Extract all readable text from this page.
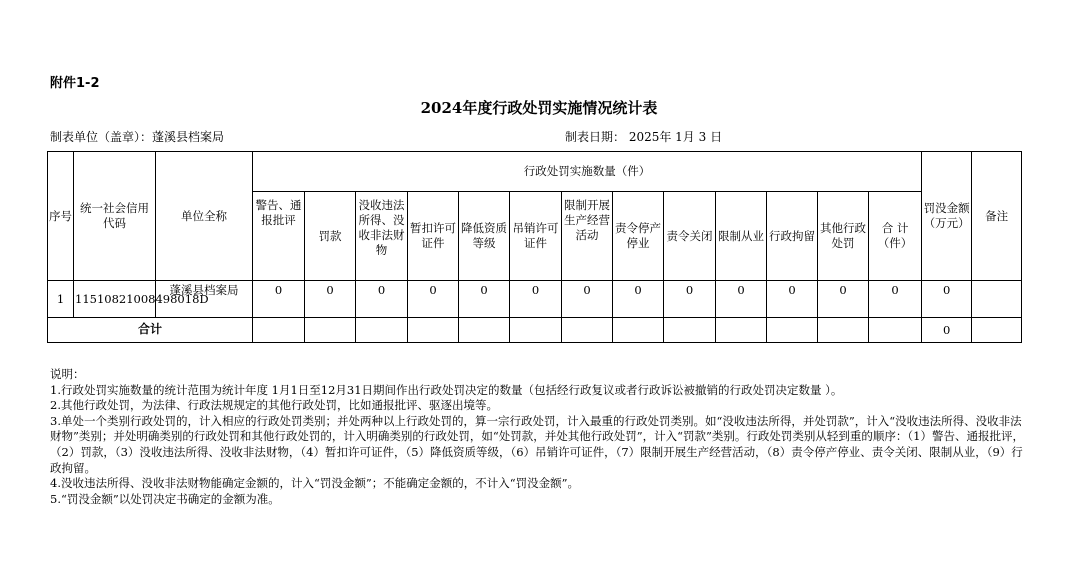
附件1-2
2024年度行政处罚实施情况统计表
制表单位（盖章）：蓬溪县档案局	制表日期： 2025年 1月 3 日
序号	统一社会信用代码	单位全称	行政处罚实施数量（件）													罚没金额（万元）	备注
			警告、通报批评	罚款	没收违法所得、没收非法财物	暂扣许可证件	降低资质等级	吊销许可证件	限制开展生产经营活动	责令停产停业	责令关闭	限制从业	行政拘留	其他行政处罚	合 计（件）		
1	11510821008498018D	蓬溪县档案局	0	0	0	0	0	0	0	0	0	0	0	0	0	0	
合计																0	

说明：

1.行政处罚实施数量的统计范围为统计年度 1月1日至12月31日期间作出行政处罚决定的数量（包括经行政复议或者行政诉讼被撤销的行政处罚决定数量 ）。

2.其他行政处罚，为法律、行政法规规定的其他行政处罚，比如通报批评、驱逐出境等。

3.单处一个类别行政处罚的，计入相应的行政处罚类别；并处两种以上行政处罚的，算一宗行政处罚，计入最重的行政处罚类别。如“没收违法所得，并处罚款”，计入“没收违法所得、没收非法财物”类别；并处明确类别的行政处罚和其他行政处罚的，计入明确类别的行政处罚，如“处罚款，并处其他行政处罚”，计入“罚款”类别。行政处罚类别从轻到重的顺序：（1）警告、通报批评，（2）罚款，（3）没收违法所得、没收非法财物，（4）暂扣许可证件，（5）降低资质等级，（6）吊销许可证件，（7）限制开展生产经营活动，（8）责令停产停业、责令关闭、限制从业，（9）行政拘留。

4.没收违法所得、没收非法财物能确定金额的，计入“罚没金额”；不能确定金额的，不计入“罚没金额”。

5.“罚没金额”以处罚决定书确定的金额为准。
